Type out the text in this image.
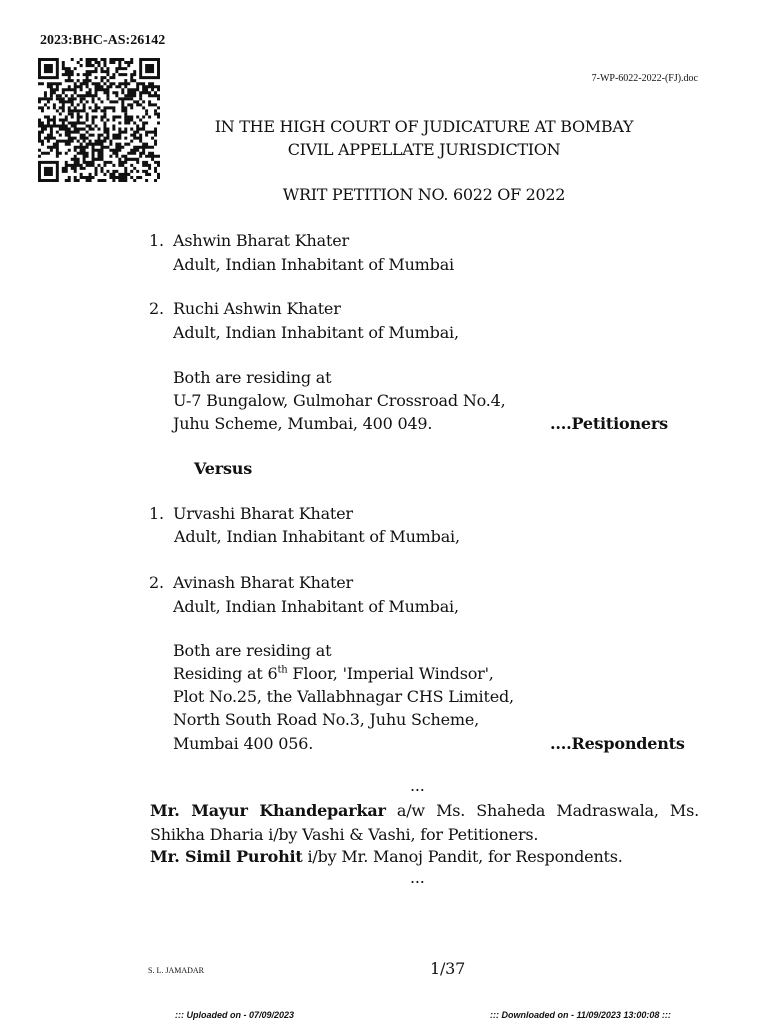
2023:BHC-AS:26142
7-WP-6022-2022-(FJ).doc
IN THE HIGH COURT OF JUDICATURE AT BOMBAY
CIVIL APPELLATE JURISDICTION
WRIT PETITION NO. 6022 OF 2022
1. Ashwin Bharat Khater
Adult, Indian Inhabitant of Mumbai
2. Ruchi Ashwin Khater
Adult, Indian Inhabitant of Mumbai,
Both are residing at
U-7 Bungalow, Gulmohar Crossroad No.4,
Juhu Scheme, Mumbai, 400 049.	....Petitioners
Versus
1. Urvashi Bharat Khater
Adult, Indian Inhabitant of Mumbai,
2. Avinash Bharat Khater
Adult, Indian Inhabitant of Mumbai,
Both are residing at
Residing at 6th Floor, 'Imperial Windsor',
Plot No.25, the Vallabhnagar CHS Limited,
North South Road No.3, Juhu Scheme,
Mumbai 400 056.	....Respondents
...
Mr. Mayur Khandeparkar a/w Ms. Shaheda Madraswala, Ms. Shikha Dharia i/by Vashi & Vashi, for Petitioners.
Mr. Simil Purohit i/by Mr. Manoj Pandit, for Respondents.
...
S. L. JAMADAR	1/37
::: Uploaded on - 07/09/2023	::: Downloaded on - 11/09/2023 13:00:08 :::
